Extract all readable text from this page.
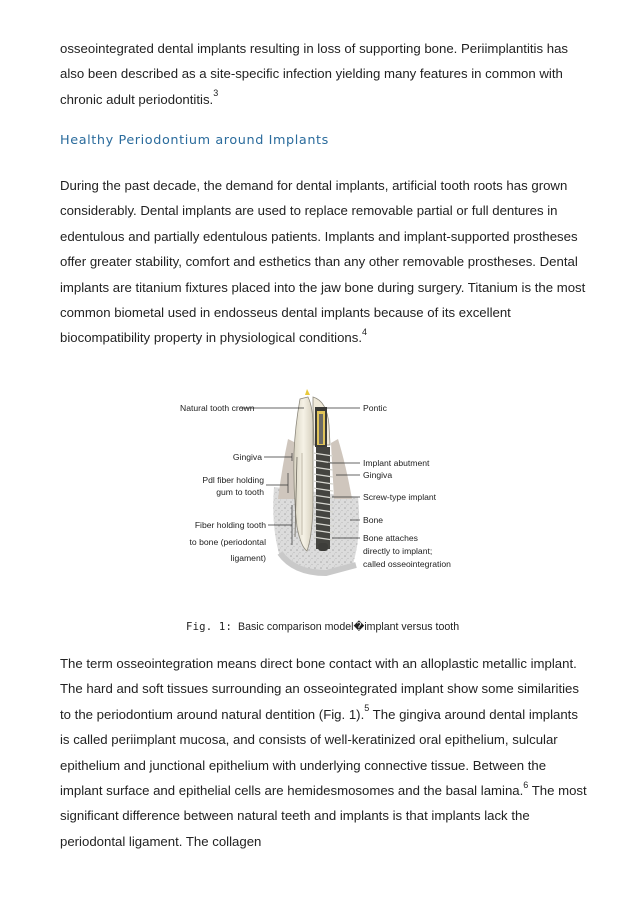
osseointegrated dental implants resulting in loss of supporting bone. Periimplantitis has also been described as a site-specific infection yielding many features in common with chronic adult periodontitis.$^3$

Healthy Periodontium around Implants

During the past decade, the demand for dental implants, artificial tooth roots has grown considerably. Dental implants are used to replace removable partial or full dentures in edentulous and partially edentulous patients. Implants and implant-supported prostheses offer greater stability, comfort and esthetics than any other removable prostheses. Dental implants are titanium fixtures placed into the jaw bone during surgery. Titanium is the most common biometal used in endosseus dental implants because of its excellent biocompatibility property in physiological conditions.$^4$

Natural tooth crown
Gingiva
Pdl fiber holding
gum to tooth
Fiber holding tooth
to bone (periodontal
ligament)
Pontic
Implant abutment
Gingiva
Screw-type implant
Bone
Bone attaches
directly to implant;
called osseointegration

Fig. 1: Basic comparison model�implant versus tooth

The term osseointegration means direct bone contact with an alloplastic metallic implant. The hard and soft tissues surrounding an osseointegrated implant show some similarities to the periodontium around natural dentition (Fig. 1).$^5$ The gingiva around dental implants is called periimplant mucosa, and consists of well-keratinized oral epithelium, sulcular epithelium and junctional epithelium with underlying connective tissue. Between the implant surface and epithelial cells are hemidesmosomes and the basal lamina.$^6$ The most significant difference between natural teeth and implants is that implants lack the periodontal ligament. The collagen
